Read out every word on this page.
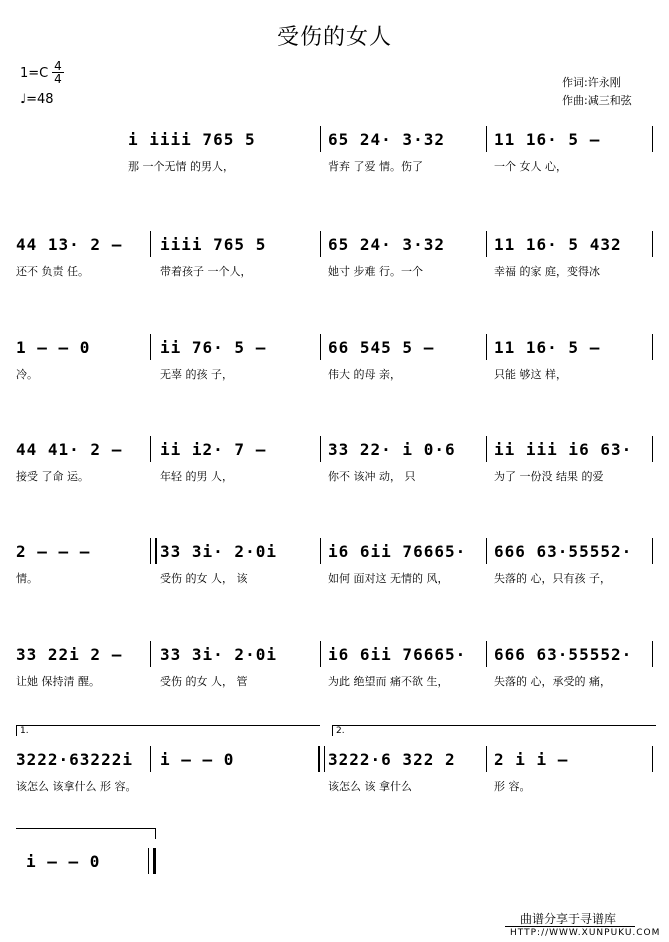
受伤的女人
1=C 4
4
♩=48
作词:许永刚
作曲:减三和弦
i iiii 765 5
那 一个无情 的男人，
65 24· 3·32
背弃 了爱 情。伤了
11 16· 5 –
一个 女人 心，
44 13· 2 –
还不 负责 任。
iiii 765 5
带着孩子 一个人，
65 24· 3·32
她寸 步难 行。一个
11 16· 5 432
幸福 的家 庭，变得冰
1 – – 0
冷。
ii 76· 5 –
无辜 的孩 子，
66 545 5 –
伟大 的母 亲，
11 16· 5 –
只能 够这 样，
44 41· 2 –
接受 了命 运。
ii i2· 7 –
年轻 的男 人，
33 22· i 0·6
你不 该冲 动， 只
ii iii i6 63·
为了 一份没 结果 的爱
2 – – –
情。
33 3i· 2·0i
受伤 的女 人， 该
i6 6ii 76665·
如何 面对这 无情的 风，
666 63·55552·
失落的 心，只有孩 子，
33 22i 2 –
让她 保持清 醒。
33 3i· 2·0i
受伤 的女 人， 管
i6 6ii 76665·
为此 绝望而 痛不欲 生，
666 63·55552·
失落的 心，承受的 痛，
1.	2.
3222·63222i
该怎么 该拿什么 形 容。
i – – 0	3222·6 322 2
该怎么 该 拿什么
2 i i –
形 容。
i – – 0
曲谱分享于寻谱库
HTTP://WWW.XUNPUKU.COM
